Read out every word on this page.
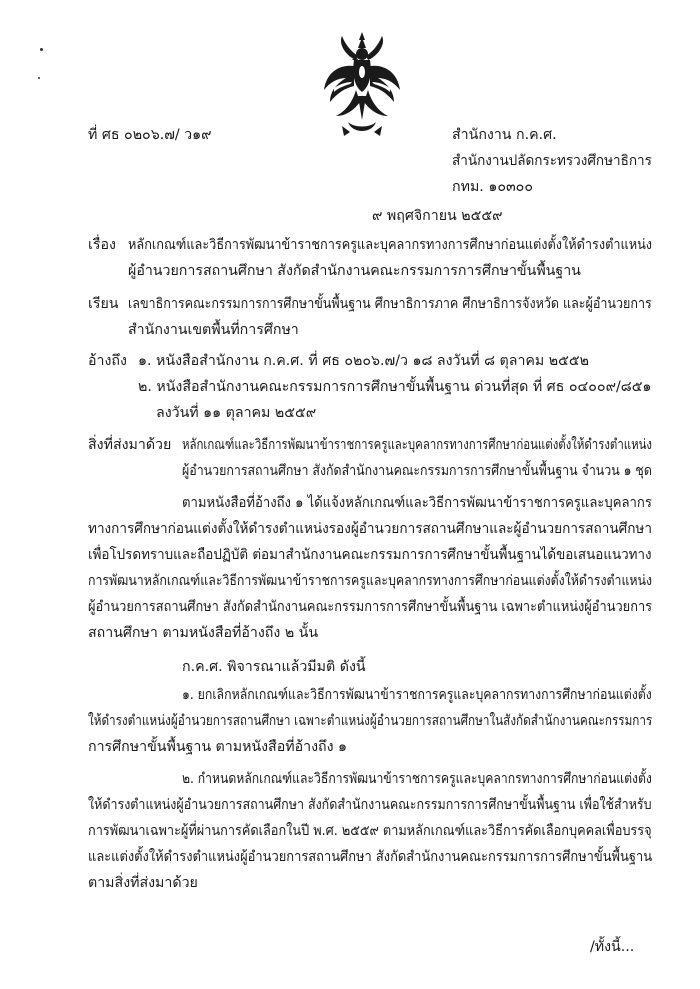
ที่ ศธ ๐๒๐๖.๗/ ว๑๙	สำนักงาน ก.ค.ศ.
สำนักงานปลัดกระทรวงศึกษาธิการ
กทม. ๑๐๓๐๐
๙ พฤศจิกายน ๒๕๕๙
เรื่อง หลักเกณฑ์และวิธีการพัฒนาข้าราชการครูและบุคลากรทางการศึกษาก่อนแต่งตั้งให้ดำรงตำแหน่ง
ผู้อำนวยการสถานศึกษา สังกัดสำนักงานคณะกรรมการการศึกษาขั้นพื้นฐาน
เรียน เลขาธิการคณะกรรมการการศึกษาขั้นพื้นฐาน ศึกษาธิการภาค ศึกษาธิการจังหวัด และผู้อำนวยการ
สำนักงานเขตพื้นที่การศึกษา
อ้างถึง ๑. หนังสือสำนักงาน ก.ค.ศ. ที่ ศธ ๐๒๐๖.๗/ว ๑๘ ลงวันที่ ๘ ตุลาคม ๒๕๕๒
๒. หนังสือสำนักงานคณะกรรมการการศึกษาขั้นพื้นฐาน ด่วนที่สุด ที่ ศธ ๐๔๐๐๙/๘๕๑
ลงวันที่ ๑๑ ตุลาคม ๒๕๕๙
สิ่งที่ส่งมาด้วย หลักเกณฑ์และวิธีการพัฒนาข้าราชการครูและบุคลากรทางการศึกษาก่อนแต่งตั้งให้ดำรงตำแหน่ง
ผู้อำนวยการสถานศึกษา สังกัดสำนักงานคณะกรรมการการศึกษาขั้นพื้นฐาน จำนวน ๑ ชุด
ตามหนังสือที่อ้างถึง ๑ ได้แจ้งหลักเกณฑ์และวิธีการพัฒนาข้าราชการครูและบุคลากร
ทางการศึกษาก่อนแต่งตั้งให้ดำรงตำแหน่งรองผู้อำนวยการสถานศึกษาและผู้อำนวยการสถานศึกษา
เพื่อโปรดทราบและถือปฏิบัติ ต่อมาสำนักงานคณะกรรมการการศึกษาขั้นพื้นฐานได้ขอเสนอแนวทาง
การพัฒนาหลักเกณฑ์และวิธีการพัฒนาข้าราชการครูและบุคลากรทางการศึกษาก่อนแต่งตั้งให้ดำรงตำแหน่ง
ผู้อำนวยการสถานศึกษา สังกัดสำนักงานคณะกรรมการการศึกษาขั้นพื้นฐาน เฉพาะตำแหน่งผู้อำนวยการ
สถานศึกษา ตามหนังสือที่อ้างถึง ๒ นั้น
ก.ค.ศ. พิจารณาแล้วมีมติ ดังนี้
๑. ยกเลิกหลักเกณฑ์และวิธีการพัฒนาข้าราชการครูและบุคลากรทางการศึกษาก่อนแต่งตั้ง
ให้ดำรงตำแหน่งผู้อำนวยการสถานศึกษา เฉพาะตำแหน่งผู้อำนวยการสถานศึกษาในสังกัดสำนักงานคณะกรรมการ
การศึกษาขั้นพื้นฐาน ตามหนังสือที่อ้างถึง ๑
๒. กำหนดหลักเกณฑ์และวิธีการพัฒนาข้าราชการครูและบุคลากรทางการศึกษาก่อนแต่งตั้ง
ให้ดำรงตำแหน่งผู้อำนวยการสถานศึกษา สังกัดสำนักงานคณะกรรมการการศึกษาขั้นพื้นฐาน เพื่อใช้สำหรับ
การพัฒนาเฉพาะผู้ที่ผ่านการคัดเลือกในปี พ.ศ. ๒๕๕๙ ตามหลักเกณฑ์และวิธีการคัดเลือกบุคคลเพื่อบรรจุ
และแต่งตั้งให้ดำรงตำแหน่งผู้อำนวยการสถานศึกษา สังกัดสำนักงานคณะกรรมการการศึกษาขั้นพื้นฐาน
ตามสิ่งที่ส่งมาด้วย
/ทั้งนี้...
